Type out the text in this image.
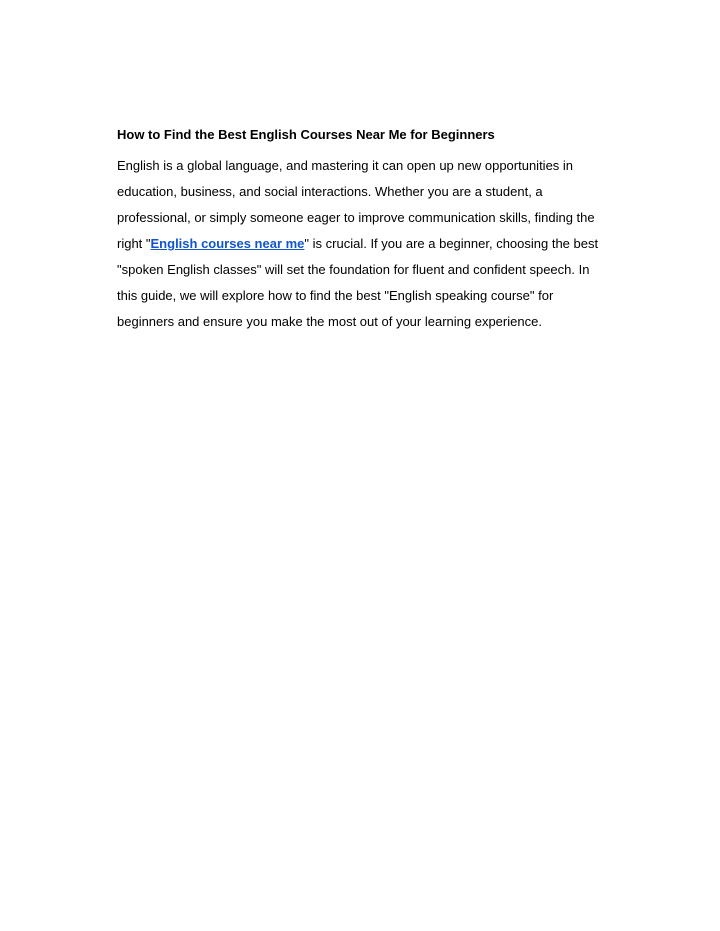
How to Find the Best English Courses Near Me for Beginners

English is a global language, and mastering it can open up new opportunities in education, business, and social interactions. Whether you are a student, a professional, or simply someone eager to improve communication skills, finding the right "English courses near me" is crucial. If you are a beginner, choosing the best "spoken English classes" will set the foundation for fluent and confident speech. In this guide, we will explore how to find the best "English speaking course" for beginners and ensure you make the most out of your learning experience.
